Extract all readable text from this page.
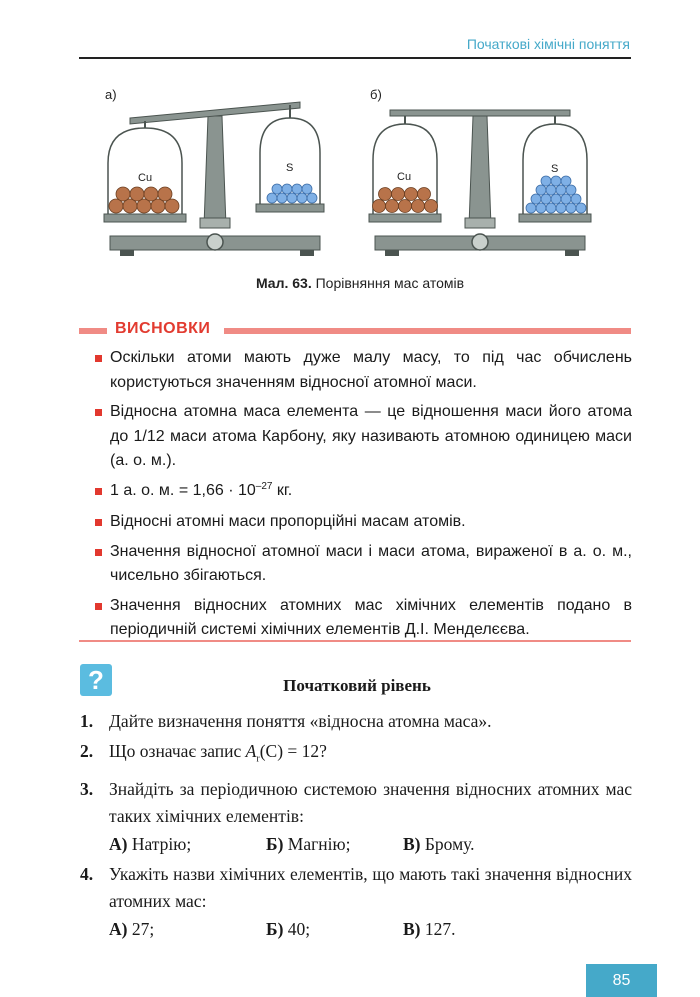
Початкові хімічні поняття
а)
Cu
S
б)
Cu
S
Мал. 63. Порівняння мас атомів
ВИСНОВКИ
Оскільки атоми мають дуже малу масу, то під час обчислень користуються значенням відносної атомної маси.
Відносна атомна маса елемента — це відношення маси його атома до 1/12 маси атома Карбону, яку називають атомною одиницею маси (а. о. м.).
1 а. о. м. = $1,66 \cdot 10^{-27}$ кг.
Відносні атомні маси пропорційні масам атомів.
Значення відносної атомної маси і маси атома, вираженої в а. о. м., чисельно збігаються.
Значення відносних атомних мас хімічних елементів подано в періодичній системі хімічних елементів Д.І. Менделєєва.
?	Початковий рівень
1. Дайте визначення поняття «відносна атомна маса».
2. Що означає запис $A_r(C) = 12$?
3. Знайдіть за періодичною системою значення відносних атомних мас таких хімічних елементів:
А) Натрію;	Б) Магнію;	В) Брому.
4. Укажіть назви хімічних елементів, що мають такі значення відносних атомних мас:
А) 27;	Б) 40;	В) 127.
85
